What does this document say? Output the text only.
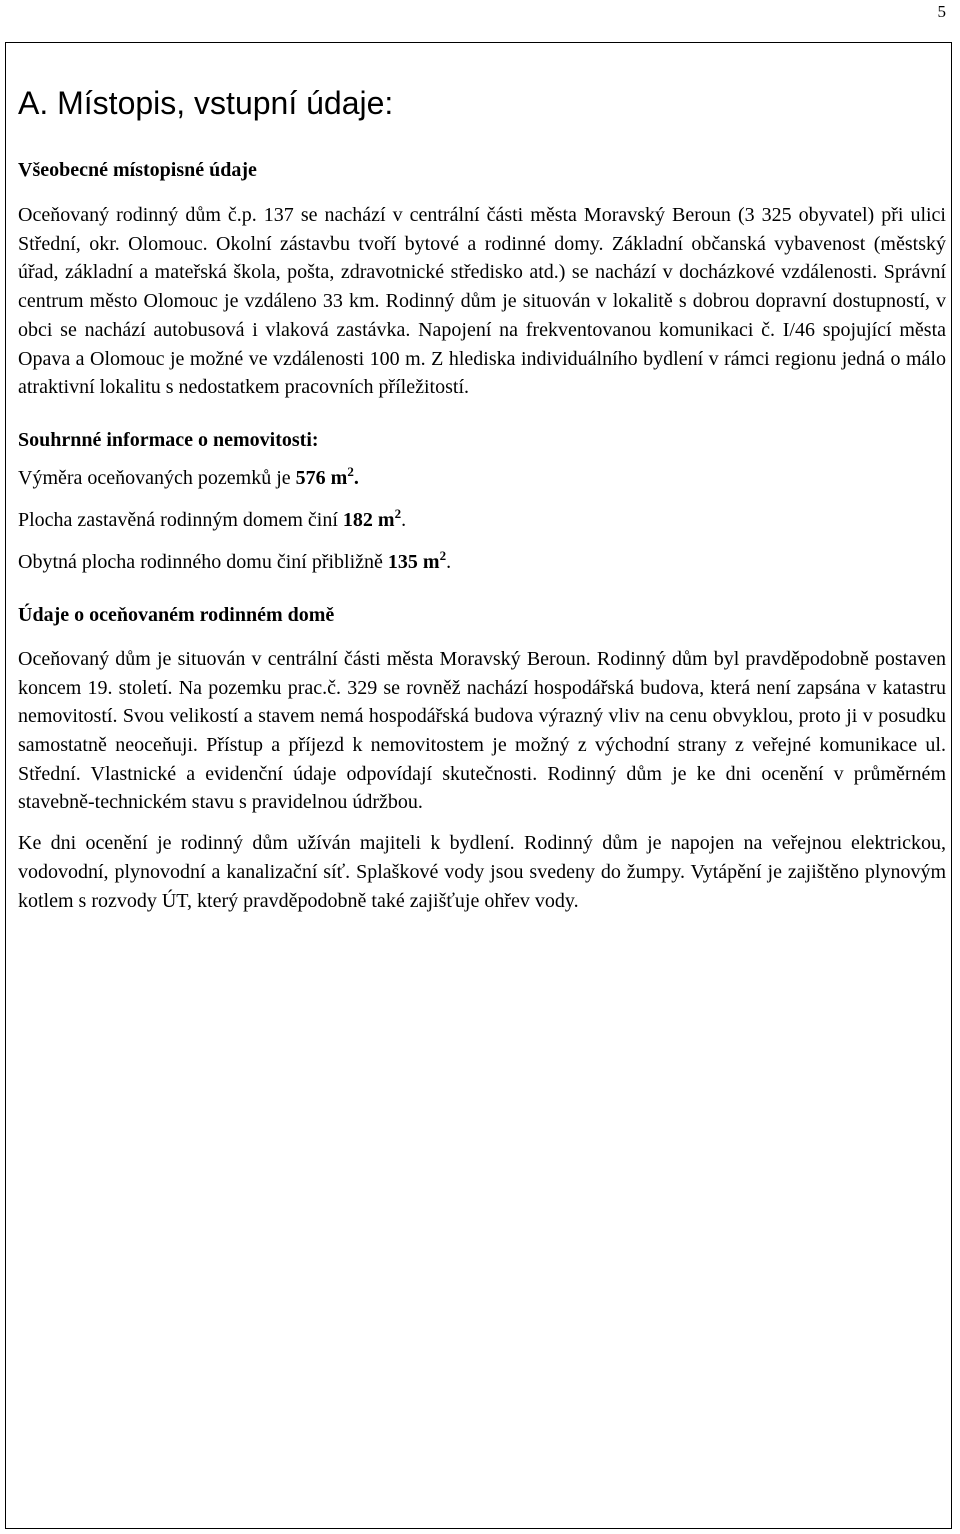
5
A. Místopis, vstupní údaje:
Všeobecné místopisné údaje

Oceňovaný rodinný dům č.p. 137 se nachází v centrální části města Moravský Beroun (3 325 obyvatel) při ulici Střední, okr. Olomouc. Okolní zástavbu tvoří bytové a rodinné domy. Základní občanská vybavenost (městský úřad, základní a mateřská škola, pošta, zdravotnické středisko atd.) se nachází v docházkové vzdálenosti. Správní centrum město Olomouc je vzdáleno 33 km. Rodinný dům je situován v lokalitě s dobrou dopravní dostupností, v obci se nachází autobusová i vlaková zastávka. Napojení na frekventovanou komunikaci č. I/46 spojující města Opava a Olomouc je možné ve vzdálenosti 100 m. Z hlediska individuálního bydlení v rámci regionu jedná o málo atraktivní lokalitu s nedostatkem pracovních příležitostí.

Souhrnné informace o nemovitosti:

Výměra oceňovaných pozemků je 576 $m^2$.

Plocha zastavěná rodinným domem činí 182 $m^2$.

Obytná plocha rodinného domu činí přibližně 135 $m^2$.

Údaje o oceňovaném rodinném domě

Oceňovaný dům je situován v centrální části města Moravský Beroun. Rodinný dům byl pravděpodobně postaven koncem 19. století. Na pozemku prac.č. 329 se rovněž nachází hospodářská budova, která není zapsána v katastru nemovitostí. Svou velikostí a stavem nemá hospodářská budova výrazný vliv na cenu obvyklou, proto ji v posudku samostatně neoceňuji. Přístup a příjezd k nemovitostem je možný z východní strany z veřejné komunikace ul. Střední. Vlastnické a evidenční údaje odpovídají skutečnosti. Rodinný dům je ke dni ocenění v průměrném stavebně-technickém stavu s pravidelnou údržbou.

Ke dni ocenění je rodinný dům užíván majiteli k bydlení. Rodinný dům je napojen na veřejnou elektrickou, vodovodní, plynovodní a kanalizační síť. Splaškové vody jsou svedeny do žumpy. Vytápění je zajištěno plynovým kotlem s rozvody ÚT, který pravděpodobně také zajišťuje ohřev vody.
